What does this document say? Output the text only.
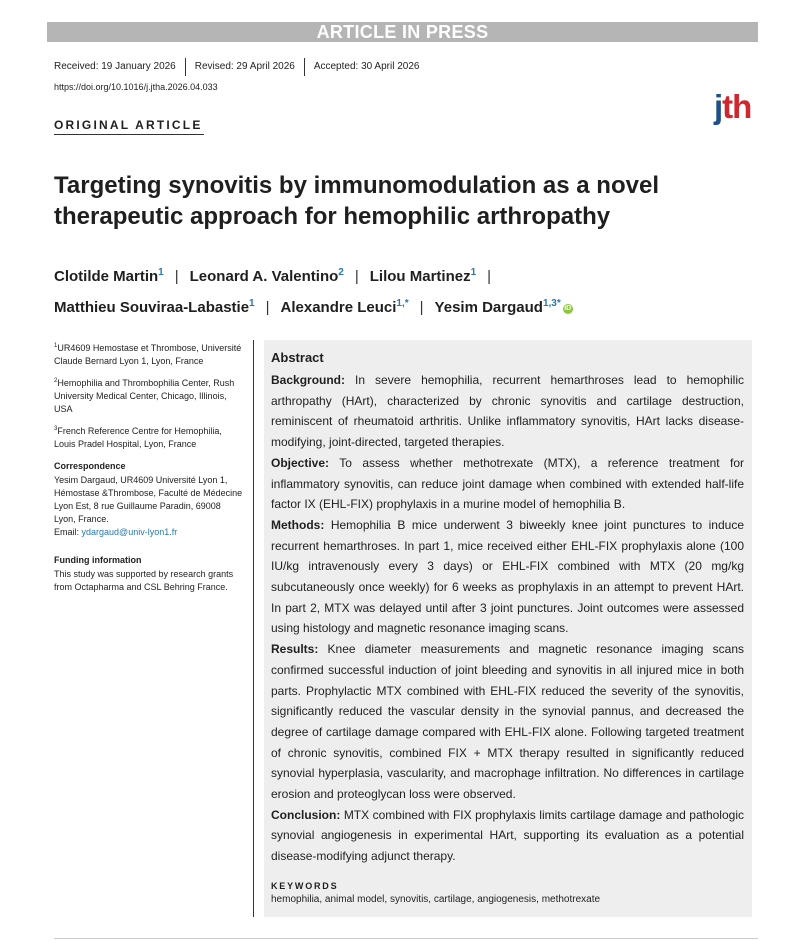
ARTICLE IN PRESS
Received: 19 January 2026	Revised: 29 April 2026	Accepted: 30 April 2026
https://doi.org/10.1016/j.jtha.2026.04.033
jth
ORIGINAL ARTICLE
Targeting synovitis by immunomodulation as a novel
therapeutic approach for hemophilic arthropathy
Clotilde Martin$^1$ | Leonard A. Valentino$^2$ | Lilou Martinez$^1$ |
Matthieu Souviraa-Labastie$^1$ | Alexandre Leuci$^{1,*}$ | Yesim Dargaud$^{1,3*}$ iD
$^1$UR4609 Hemostase et Thrombose, Université Claude Bernard Lyon 1, Lyon, France
$^2$Hemophilia and Thrombophilia Center, Rush University Medical Center, Chicago, Illinois, USA
$^3$French Reference Centre for Hemophilia, Louis Pradel Hospital, Lyon, France
Correspondence
Yesim Dargaud, UR4609 Université Lyon 1, Hémostase &Thrombose, Faculté de Médecine Lyon Est, 8 rue Guillaume Paradin, 69008 Lyon, France.
Email: ydargaud@univ-lyon1.fr
Funding information
This study was supported by research grants from Octapharma and CSL Behring France.
Abstract

Background: In severe hemophilia, recurrent hemarthroses lead to hemophilic arthropathy (HArt), characterized by chronic synovitis and cartilage destruction, reminiscent of rheumatoid arthritis. Unlike inflammatory synovitis, HArt lacks disease-modifying, joint-directed, targeted therapies.

Objective: To assess whether methotrexate (MTX), a reference treatment for inflammatory synovitis, can reduce joint damage when combined with extended half-life factor IX (EHL-FIX) prophylaxis in a murine model of hemophilia B.

Methods: Hemophilia B mice underwent 3 biweekly knee joint punctures to induce recurrent hemarthroses. In part 1, mice received either EHL-FIX prophylaxis alone (100 IU/kg intravenously every 3 days) or EHL-FIX combined with MTX (20 mg/kg subcutaneously once weekly) for 6 weeks as prophylaxis in an attempt to prevent HArt. In part 2, MTX was delayed until after 3 joint punctures. Joint outcomes were assessed using histology and magnetic resonance imaging scans.

Results: Knee diameter measurements and magnetic resonance imaging scans confirmed successful induction of joint bleeding and synovitis in all injured mice in both parts. Prophylactic MTX combined with EHL-FIX reduced the severity of the synovitis, significantly reduced the vascular density in the synovial pannus, and decreased the degree of cartilage damage compared with EHL-FIX alone. Following targeted treatment of chronic synovitis, combined FIX + MTX therapy resulted in significantly reduced synovial hyperplasia, vascularity, and macrophage infiltration. No differences in cartilage erosion and proteoglycan loss were observed.

Conclusion: MTX combined with FIX prophylaxis limits cartilage damage and pathologic synovial angiogenesis in experimental HArt, supporting its evaluation as a potential disease-modifying adjunct therapy.

KEYWORDS
hemophilia, animal model, synovitis, cartilage, angiogenesis, methotrexate
